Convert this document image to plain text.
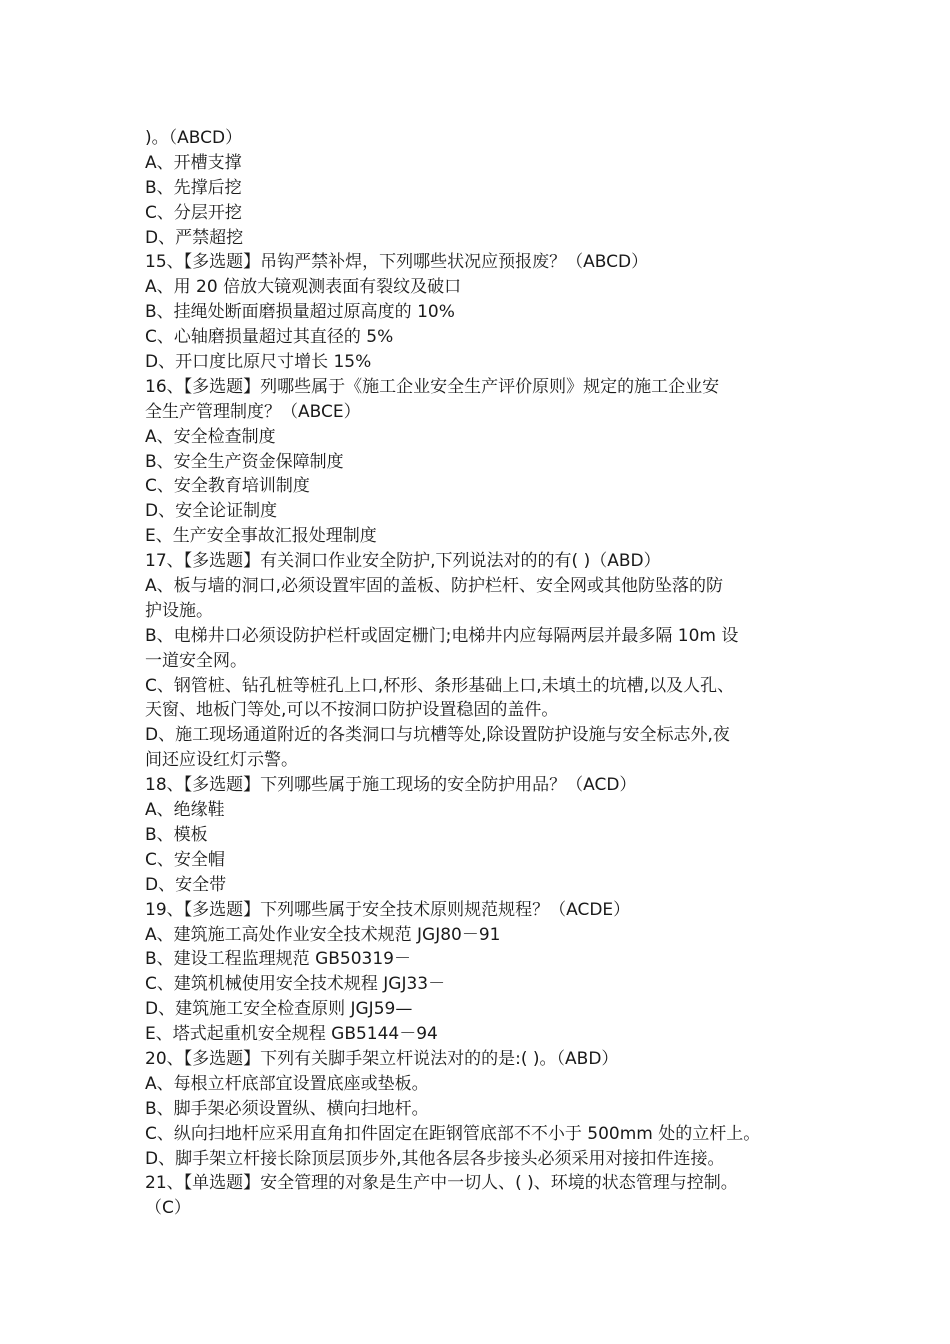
)。（ABCD）
A、开槽支撑
B、先撑后挖
C、分层开挖
D、严禁超挖
15、【多选题】吊钩严禁补焊，下列哪些状况应预报废？（ABCD）
A、用 20 倍放大镜观测表面有裂纹及破口
B、挂绳处断面磨损量超过原高度的 10%
C、心轴磨损量超过其直径的 5%
D、开口度比原尺寸增长 15%
16、【多选题】列哪些属于《施工企业安全生产评价原则》规定的施工企业安
全生产管理制度？（ABCE）
A、安全检查制度
B、安全生产资金保障制度
C、安全教育培训制度
D、安全论证制度
E、生产安全事故汇报处理制度
17、【多选题】有关洞口作业安全防护,下列说法对的的有( )（ABD）
A、板与墙的洞口,必须设置牢固的盖板、防护栏杆、安全网或其他防坠落的防
护设施。
B、电梯井口必须设防护栏杆或固定栅门;电梯井内应每隔两层并最多隔 10m 设
一道安全网。
C、钢管桩、钻孔桩等桩孔上口,杯形、条形基础上口,未填土的坑槽,以及人孔、
天窗、地板门等处,可以不按洞口防护设置稳固的盖件。
D、施工现场通道附近的各类洞口与坑槽等处,除设置防护设施与安全标志外,夜
间还应设红灯示警。
18、【多选题】下列哪些属于施工现场的安全防护用品？（ACD）
A、绝缘鞋
B、模板
C、安全帽
D、安全带
19、【多选题】下列哪些属于安全技术原则规范规程？（ACDE）
A、建筑施工高处作业安全技术规范 JGJ80－91
B、建设工程监理规范 GB50319－
C、建筑机械使用安全技术规程 JGJ33－
D、建筑施工安全检查原则 JGJ59—
E、塔式起重机安全规程 GB5144－94
20、【多选题】下列有关脚手架立杆说法对的的是:( )。（ABD）
A、每根立杆底部宜设置底座或垫板。
B、脚手架必须设置纵、横向扫地杆。
C、纵向扫地杆应采用直角扣件固定在距钢管底部不不小于 500mm 处的立杆上。
D、脚手架立杆接长除顶层顶步外,其他各层各步接头必须采用对接扣件连接。
21、【单选题】安全管理的对象是生产中一切人、( )、环境的状态管理与控制。
（C）
